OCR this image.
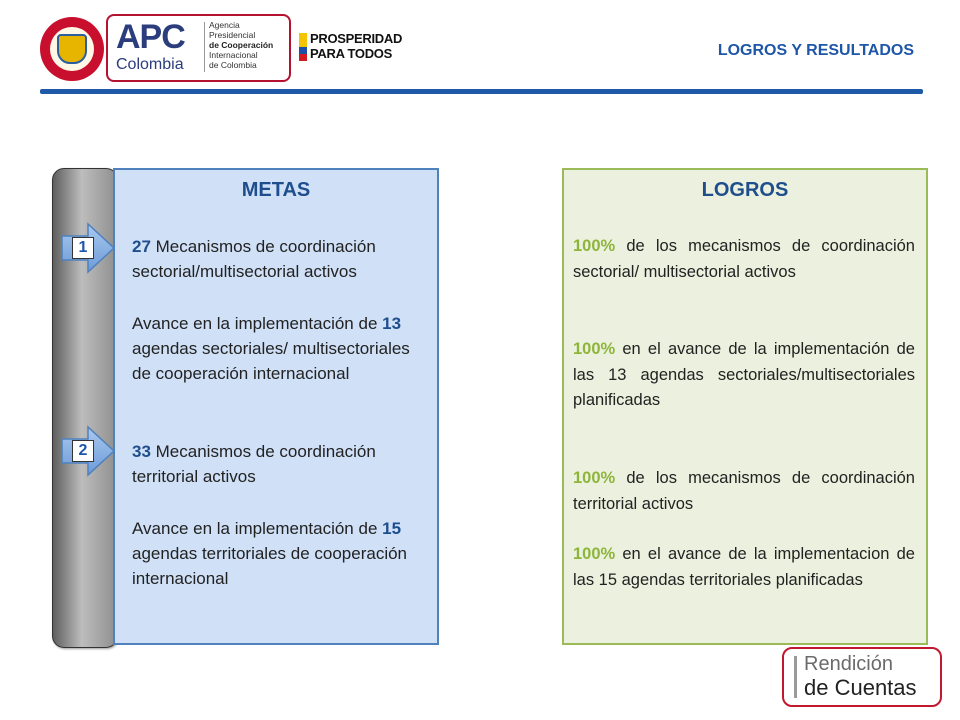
APC
Colombia
Agencia
Presidencial
de Cooperación
Internacional
de Colombia
PROSPERIDAD
PARA TODOS	LOGROS Y RESULTADOS
1
2
METAS
27 Mecanismos de coordinación sectorial/multisectorial activos
Avance en la implementación de 13 agendas sectoriales/ multisectoriales de cooperación internacional
33 Mecanismos de coordinación territorial activos
Avance en la implementación de 15 agendas territoriales de cooperación internacional
LOGROS
100% de los mecanismos de coordinación sectorial/ multisectorial activos
100% en el avance de la implementación de las 13 agendas sectoriales/multisectoriales planificadas
100% de los mecanismos de coordinación territorial activos
100% en el avance de la implementacion de las 15 agendas territoriales planificadas
Rendición
de Cuentas
